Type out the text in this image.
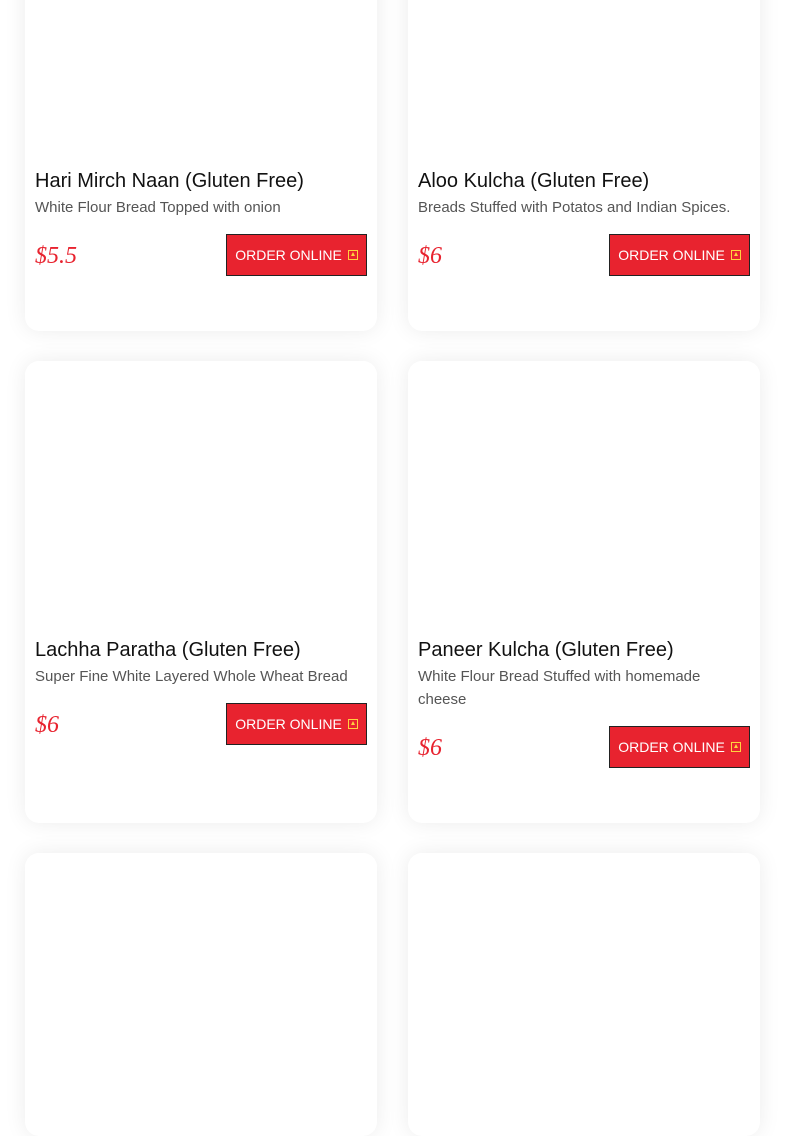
Hari Mirch Naan (Gluten Free)
White Flour Bread Topped with onion
$5.5	ORDER ONLINE
Aloo Kulcha (Gluten Free)
Breads Stuffed with Potatos and Indian Spices.
$6	ORDER ONLINE
Lachha Paratha (Gluten Free)
Super Fine White Layered Whole Wheat Bread
$6	ORDER ONLINE
Paneer Kulcha (Gluten Free)
White Flour Bread Stuffed with homemade cheese
$6	ORDER ONLINE
